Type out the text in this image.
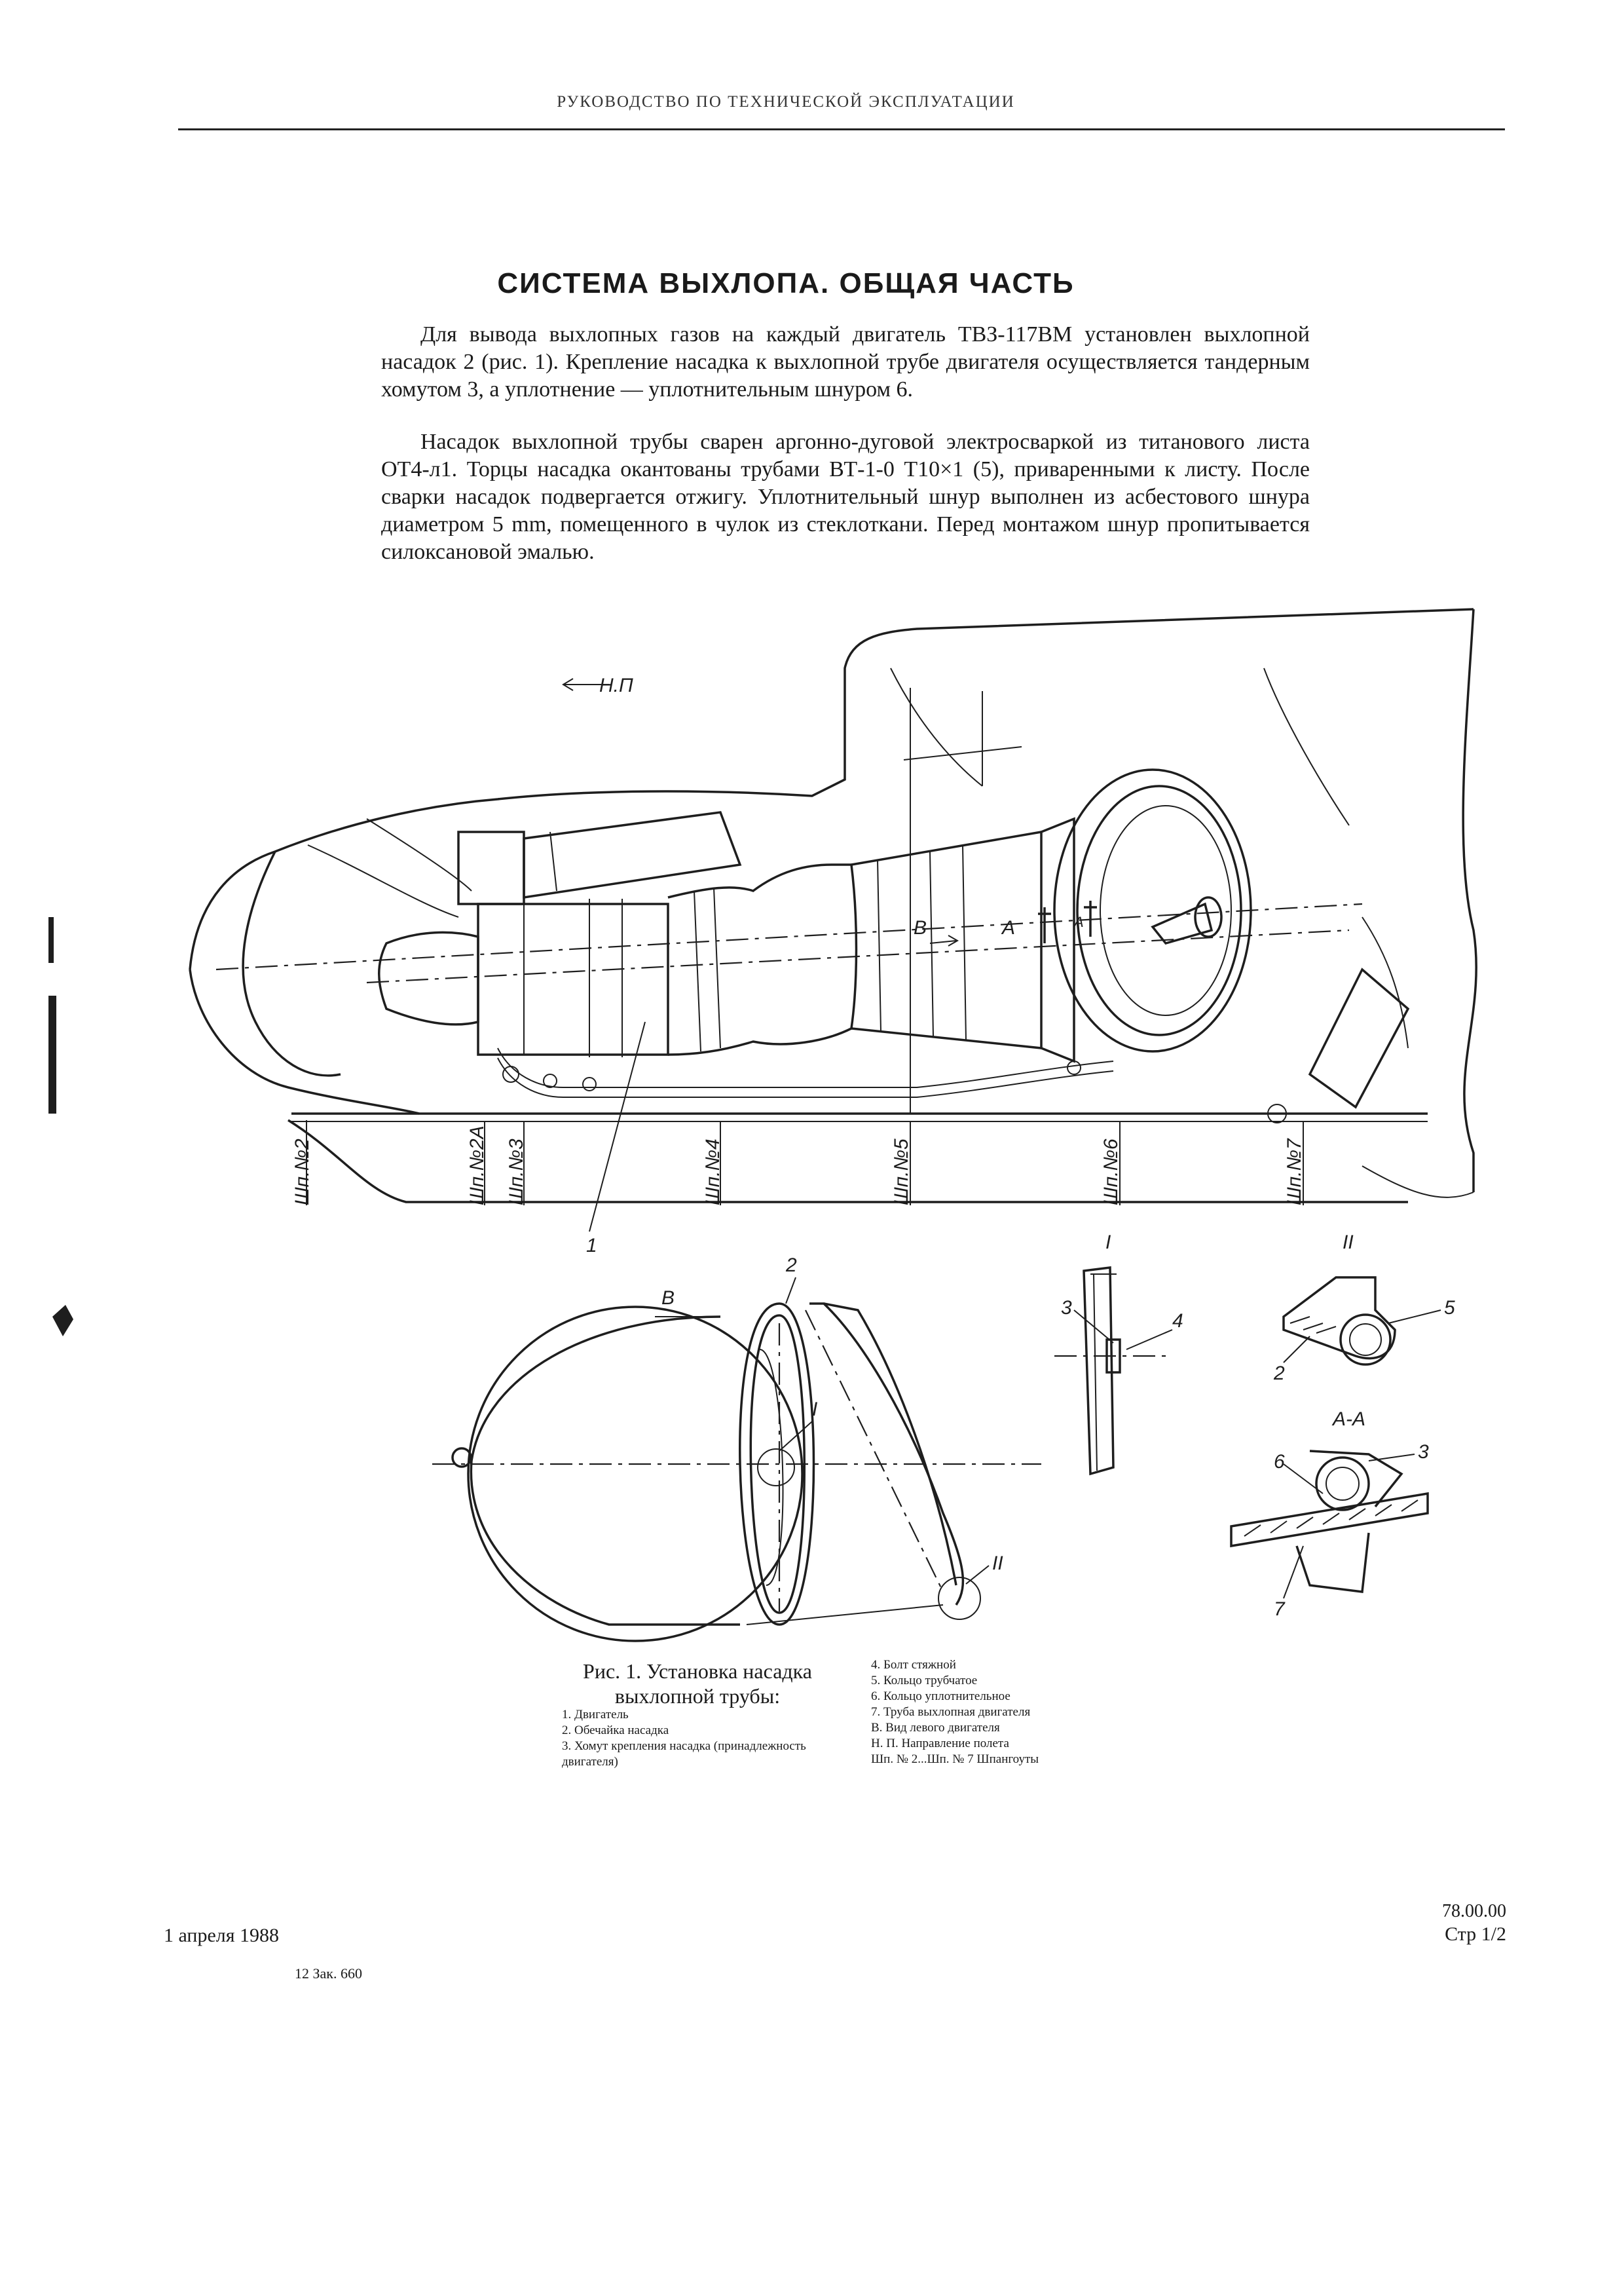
РУКОВОДСТВО ПО ТЕХНИЧЕСКОЙ ЭКСПЛУАТАЦИИ
СИСТЕМА ВЫХЛОПА. ОБЩАЯ ЧАСТЬ

Для вывода выхлопных газов на каждый двигатель ТВЗ-117ВМ установлен выхлопной насадок 2 (рис. 1). Крепление насадка к выхлопной трубе двигателя осуществляется тандерным хомутом 3, а уплотнение — уплотнительным шнуром 6.

Насадок выхлопной трубы сварен аргонно-дуговой электросваркой из титанового листа ОТ4-л1. Торцы насадка окантованы трубами ВТ-1-0 Т10×1 (5), приваренными к листу. После сварки насадок подвергается отжигу. Уплотнительный шнур выполнен из асбестового шнура диаметром 5 mm, помещенного в чулок из стеклоткани. Перед монтажом шнур пропитывается силоксановой эмалью.

Н.П
В	А	А
Шп.№2	Шп.№2А Шп.№3	Шп.№4	Шп.№5	Шп.№6	Шп.№7
1
2
В
I
II
I
3
4
II
2
5
А-А
3
6
7
Рис. 1. Установка насадка выхлопной трубы:
1. Двигатель
2. Обечайка насадка
3. Хомут крепления насадка (принадлежность двигателя)
4. Болт стяжной
5. Кольцо трубчатое
6. Кольцо уплотнительное
7. Труба выхлопная двигателя
В. Вид левого двигателя
Н. П. Направление полета
Шп. № 2...Шп. № 7 Шпангоуты
1 апреля 1988
78.00.00
Стр 1/2
12 Зак. 660
